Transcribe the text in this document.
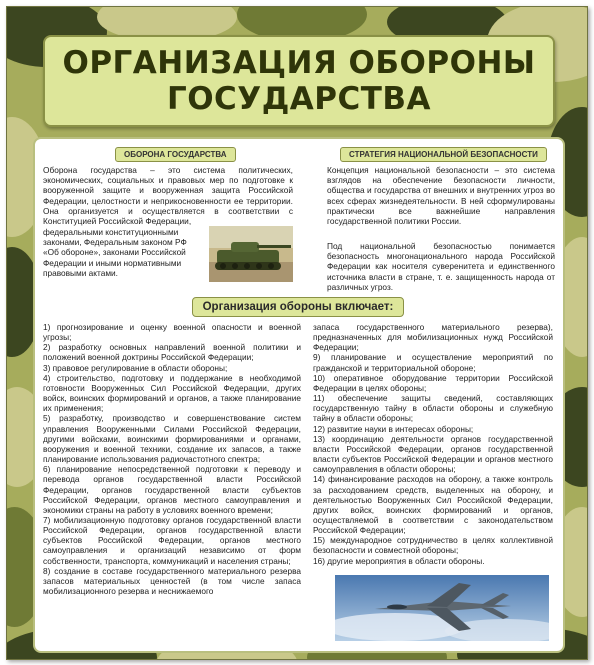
ОРГАНИЗАЦИЯ ОБОРОНЫ
ГОСУДАРСТВА
ОБОРОНА ГОСУДАРСТВА
Оборона государства – это система политических, экономических, социальных и правовых мер по подготовке к вооруженной защите и вооруженная защита Российской Федерации, целостности и неприкосновенности ее территории. Она организуется и осуществляется в соответствии с Конституцией Российской Федерации,
федеральными конституционными законами, Федеральным законом РФ «Об обороне», законами Российской Федерации и иными нормативными правовыми актами.
СТРАТЕГИЯ НАЦИОНАЛЬНОЙ БЕЗОПАСНОСТИ
Концепция национальной безопасности – это система взглядов на обеспечение безопасности личности, общества и государства от внешних и внутренних угроз во всех сферах жизнедеятельности. В ней сформулированы практически все важнейшие направления государственной политики России.
Под национальной безопасностью понимается безопасность многонационального народа Российской Федерации как носителя суверенитета и единственного источника власти в стране, т. е. защищенность народа от различных угроз.
Организация обороны включает:
1) прогнозирование и оценку военной опасности и военной угрозы;
2) разработку основных направлений военной политики и положений военной доктрины Российской Федерации;
3) правовое регулирование в области обороны;
4) строительство, подготовку и поддержание в необходимой готовности Вооруженных Сил Российской Федерации, других войск, воинских формирований и органов, а также планирование их применения;
5) разработку, производство и совершенствование систем управления Вооруженными Силами Российской Федерации, другими войсками, воинскими формированиями и органами, вооружения и военной техники, создание их запасов, а также планирование использования радиочастотного спектра;
6) планирование непосредственной подготовки к переводу и перевода органов государственной власти Российской Федерации, органов государственной власти субъектов Российской Федерации, органов местного самоуправления и экономики страны на работу в условиях военного времени;
7) мобилизационную подготовку органов государственной власти Российской Федерации, органов государственной власти субъектов Российской Федерации, органов местного самоуправления и организаций независимо от форм собственности, транспорта, коммуникаций и населения страны;
8) создание в составе государственного материального резерва запасов материальных ценностей (в том числе запаса мобилизационного резерва и неснижаемого
запаса государственного материального резерва), предназначенных для мобилизационных нужд Российской Федерации;
9) планирование и осуществление мероприятий по гражданской и территориальной обороне;
10) оперативное оборудование территории Российской Федерации в целях обороны;
11) обеспечение защиты сведений, составляющих государственную тайну в области обороны и служебную тайну в области обороны;
12) развитие науки в интересах обороны;
13) координацию деятельности органов государственной власти Российской Федерации, органов государственной власти субъектов Российской Федерации и органов местного самоуправления в области обороны;
14) финансирование расходов на оборону, а также контроль за расходованием средств, выделенных на оборону, и деятельностью Вооруженных Сил Российской Федерации, других войск, воинских формирований и органов, осуществляемой в соответствии с законодательством Российской Федерации;
15) международное сотрудничество в целях коллективной безопасности и совместной обороны;
16) другие мероприятия в области обороны.
